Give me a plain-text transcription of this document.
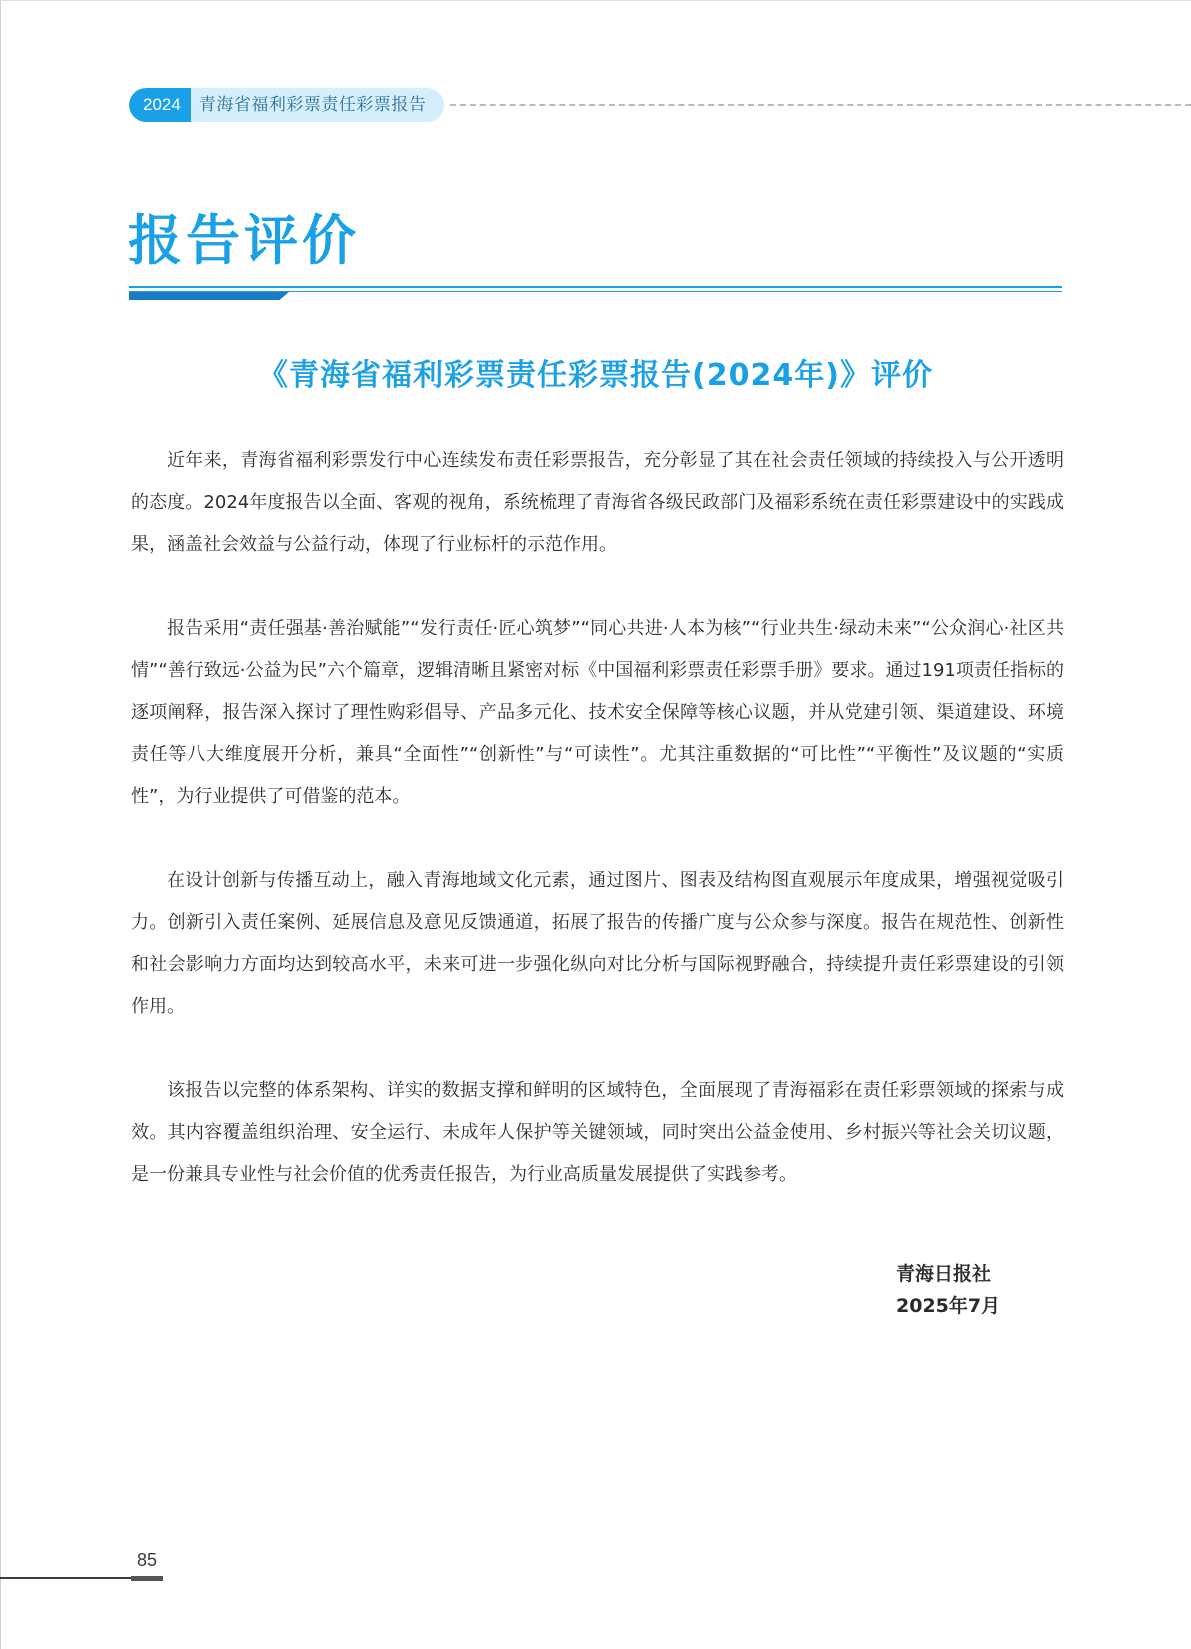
2024	青海省福利彩票责任彩票报告
报告评价
《青海省福利彩票责任彩票报告(2024年)》评价

近年来，青海省福利彩票发行中心连续发布责任彩票报告，充分彰显了其在社会责任领域的持续投入与公开透明的态度。2024年度报告以全面、客观的视角，系统梳理了青海省各级民政部门及福彩系统在责任彩票建设中的实践成果，涵盖社会效益与公益行动，体现了行业标杆的示范作用。

报告采用“责任强基·善治赋能”“发行责任·匠心筑梦”“同心共进·人本为核”“行业共生·绿动未来”“公众润心·社区共情”“善行致远·公益为民”六个篇章，逻辑清晰且紧密对标《中国福利彩票责任彩票手册》要求。通过191项责任指标的逐项阐释，报告深入探讨了理性购彩倡导、产品多元化、技术安全保障等核心议题，并从党建引领、渠道建设、环境责任等八大维度展开分析，兼具“全面性”“创新性”与“可读性”。尤其注重数据的“可比性”“平衡性”及议题的“实质性”，为行业提供了可借鉴的范本。

在设计创新与传播互动上，融入青海地域文化元素，通过图片、图表及结构图直观展示年度成果，增强视觉吸引力。创新引入责任案例、延展信息及意见反馈通道，拓展了报告的传播广度与公众参与深度。报告在规范性、创新性和社会影响力方面均达到较高水平，未来可进一步强化纵向对比分析与国际视野融合，持续提升责任彩票建设的引领作用。

该报告以完整的体系架构、详实的数据支撑和鲜明的区域特色，全面展现了青海福彩在责任彩票领域的探索与成效。其内容覆盖组织治理、安全运行、未成年人保护等关键领域，同时突出公益金使用、乡村振兴等社会关切议题，是一份兼具专业性与社会价值的优秀责任报告，为行业高质量发展提供了实践参考。

青海日报社
2025年7月
85
